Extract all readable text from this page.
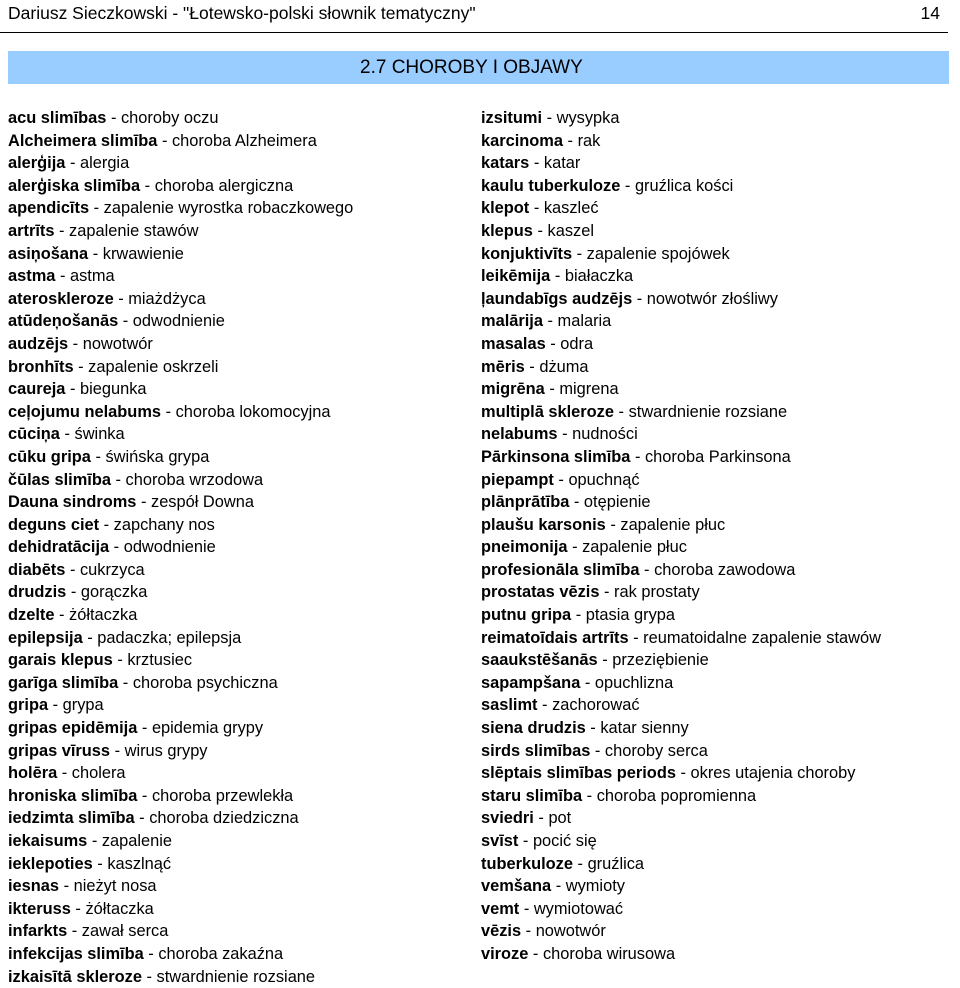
Dariusz Sieczkowski - "Łotewsko-polski słownik tematyczny"	14
2.7 CHOROBY I OBJAWY
acu slimības - choroby oczu
Alcheimera slimība - choroba Alzheimera
alerģija - alergia
alerģiska slimība - choroba alergiczna
apendicīts - zapalenie wyrostka robaczkowego
artrīts - zapalenie stawów
asiņošana - krwawienie
astma - astma
ateroskleroze - miażdżyca
atūdeņošanās - odwodnienie
audzējs - nowotwór
bronhīts - zapalenie oskrzeli
caureja - biegunka
ceļojumu nelabums - choroba lokomocyjna
cūciņa - świnka
cūku gripa - świńska grypa
čūlas slimība - choroba wrzodowa
Dauna sindroms - zespół Downa
deguns ciet - zapchany nos
dehidratācija - odwodnienie
diabēts - cukrzyca
drudzis - gorączka
dzelte - żółtaczka
epilepsija - padaczka; epilepsja
garais klepus - krztusiec
garīga slimība - choroba psychiczna
gripa - grypa
gripas epidēmija - epidemia grypy
gripas vīruss - wirus grypy
holēra - cholera
hroniska slimība - choroba przewlekła
iedzimta slimība - choroba dziedziczna
iekaisums - zapalenie
ieklepoties - kaszlnąć
iesnas - nieżyt nosa
ikteruss - żółtaczka
infarkts - zawał serca
infekcijas slimība - choroba zakaźna
izkaisītā skleroze - stwardnienie rozsiane
izsitumi - wysypka
karcinoma - rak
katars - katar
kaulu tuberkuloze - gruźlica kości
klepot - kaszleć
klepus - kaszel
konjuktivīts - zapalenie spojówek
leikēmija - białaczka
ļaundabīgs audzējs - nowotwór złośliwy
malārija - malaria
masalas - odra
mēris - dżuma
migrēna - migrena
multiplā skleroze - stwardnienie rozsiane
nelabums - nudności
Pārkinsona slimība - choroba Parkinsona
piepampt - opuchnąć
plānprātība - otępienie
plaušu karsonis - zapalenie płuc
pneimonija - zapalenie płuc
profesionāla slimība - choroba zawodowa
prostatas vēzis - rak prostaty
putnu gripa - ptasia grypa
reimatoīdais artrīts - reumatoidalne zapalenie stawów
saaukstēšanās - przeziębienie
sapampšana - opuchlizna
saslimt - zachorować
siena drudzis - katar sienny
sirds slimības - choroby serca
slēptais slimības periods - okres utajenia choroby
staru slimība - choroba popromienna
sviedri - pot
svīst - pocić się
tuberkuloze - gruźlica
vemšana - wymioty
vemt - wymiotować
vēzis - nowotwór
viroze - choroba wirusowa
